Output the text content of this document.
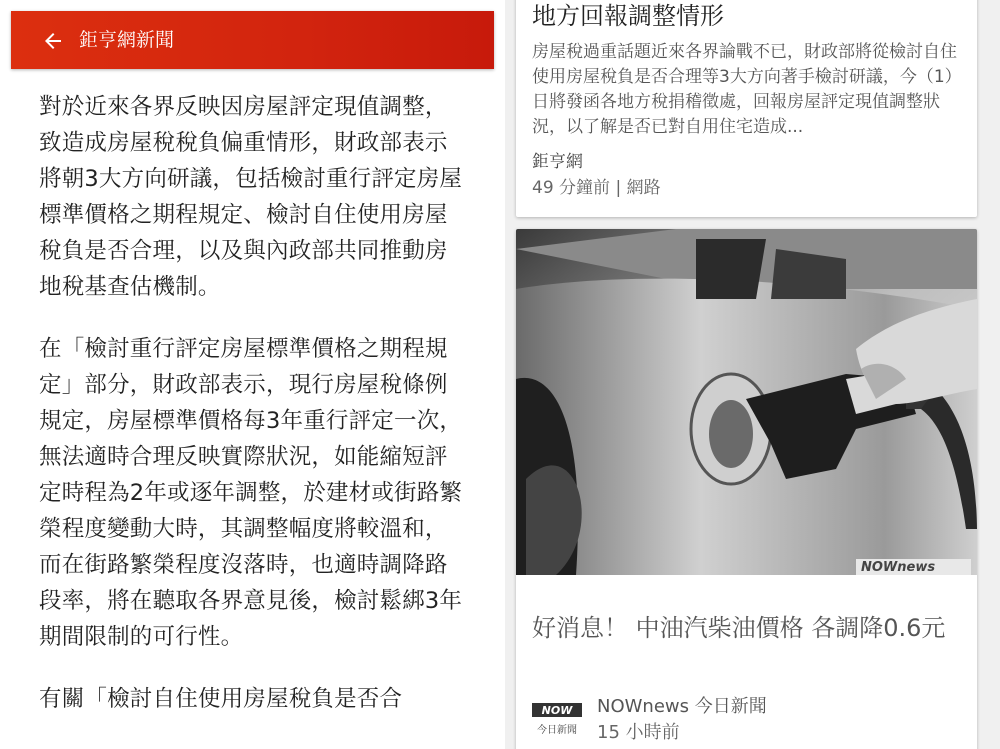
鉅亨網新聞

對於近來各界反映因房屋評定現值調整，致造成房屋稅稅負偏重情形，財政部表示將朝3大方向研議，包括檢討重行評定房屋標準價格之期程規定、檢討自住使用房屋稅負是否合理，以及與內政部共同推動房地稅基查估機制。

在「檢討重行評定房屋標準價格之期程規定」部分，財政部表示，現行房屋稅條例規定，房屋標準價格每3年重行評定一次，無法適時合理反映實際狀況，如能縮短評定時程為2年或逐年調整，於建材或街路繁榮程度變動大時，其調整幅度將較溫和，而在街路繁榮程度沒落時，也適時調降路段率，將在聽取各界意見後，檢討鬆綁3年期間限制的可行性。

有關「檢討自住使用房屋稅負是否合

地方回報調整情形
房屋稅過重話題近來各界論戰不已，財政部將從檢討自住使用房屋稅負是否合理等3大方向著手檢討研議，今（1）日將發函各地方稅捐稽徵處，回報房屋評定現值調整狀況，以了解是否已對自用住宅造成...
鉅亨網
49 分鐘前 | 網路
NOWnews
好消息！ 中油汽柴油價格 各調降0.6元
NOW
今日新聞
NOWnews 今日新聞
15 小時前
